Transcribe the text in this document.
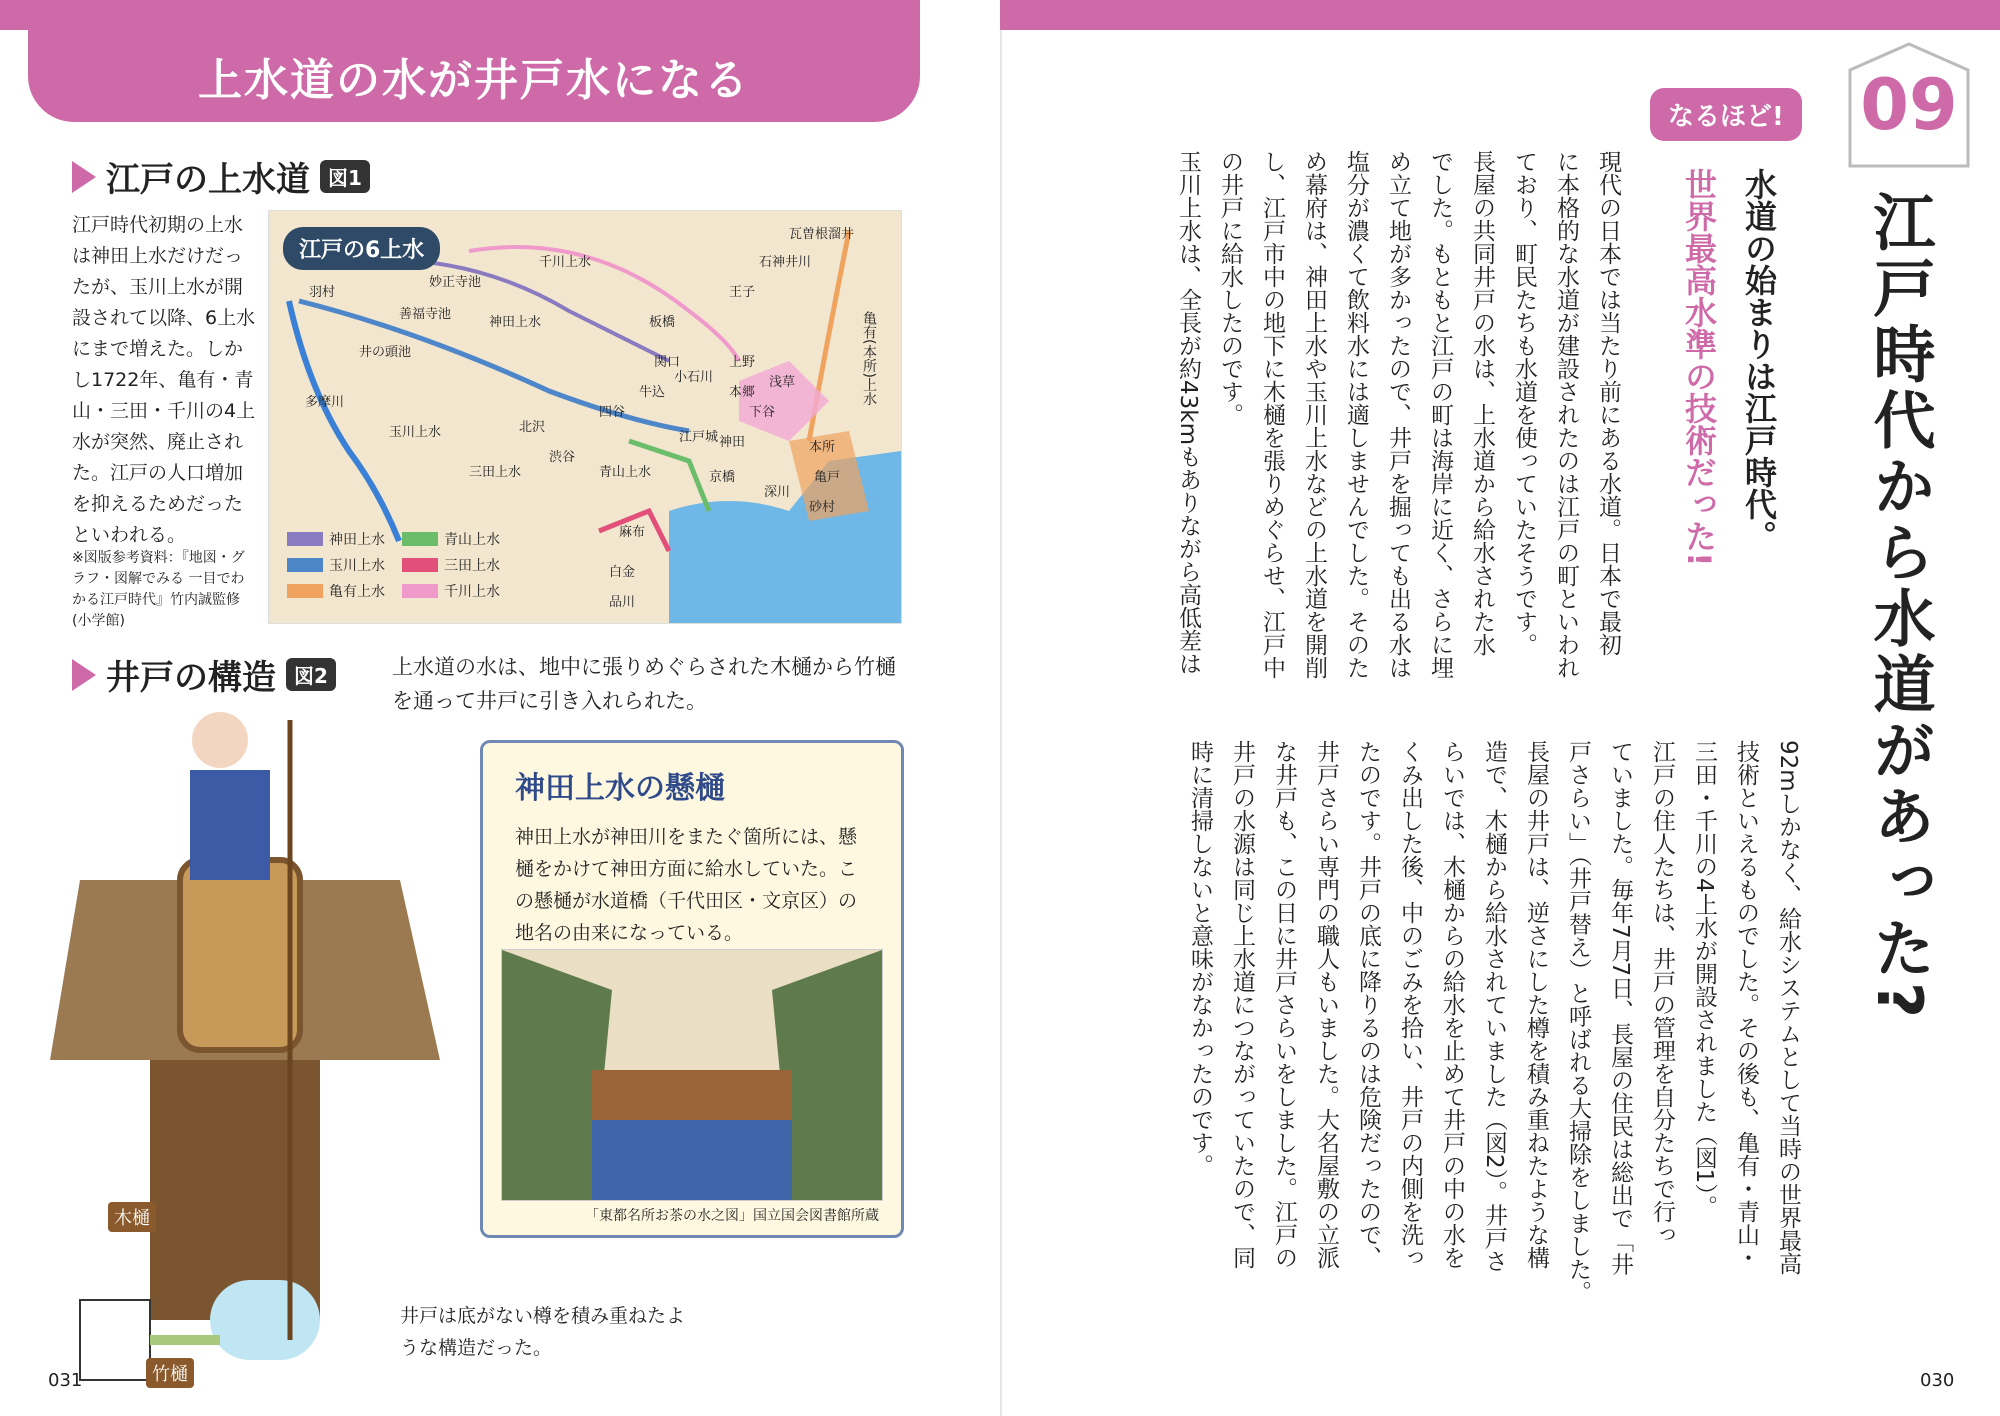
上水道の水が井戸水になる
江戸の上水道 図1
江戸時代初期の上水は神田上水だけだったが、玉川上水が開設されて以降、6上水にまで増えた。しかし1722年、亀有・青山・三田・千川の4上水が突然、廃止された。江戸の人口増加を抑えるためだったといわれる。
※図版参考資料：『地図・グラフ・図解でみる 一目でわかる江戸時代』竹内誠監修(小学館)
江戸の6上水
神田上水	青山上水
玉川上水	三田上水
亀有上水	千川上水
羽村
妙正寺池
善福寺池
井の頭池
多摩川
千川上水
神田上水
玉川上水	北沢
渋谷
三田上水	青山上水
四谷
牛込
関口
小石川
上野
本郷
下谷
浅草
板橋
王子
石神井川
瓦曽根溜井
亀有(本所)上水
本所
亀戸
砂村
深川
京橋
江戸城 神田
麻布
白金
品川
井戸の構造 図2	上水道の水は、地中に張りめぐらされた木樋から竹樋を通って井戸に引き入れられた。
木樋
竹樋
井戸は底がない樽を積み重ねたような構造だった。
神田上水の懸樋
神田上水が神田川をまたぐ箇所には、懸樋をかけて神田方面に給水していた。この懸樋が水道橋（千代田区・文京区）の地名の由来になっている。
「東都名所お茶の水之図」国立国会図書館所蔵
031
09
江戸時代から水道があった?
なるほど!
水道の始まりは江戸時代。
世界最高水準の技術だった!
現代の日本では当たり前にある水道。日本で最初
に本格的な水道が建設されたのは江戸の町といわれ
ており、町民たちも水道を使っていたそうです。
長屋の共同井戸の水は、上水道から給水された水
でした。もともと江戸の町は海岸に近く、さらに埋
め立て地が多かったので、井戸を掘っても出る水は
塩分が濃くて飲料水には適しませんでした。そのた
め幕府は、神田上水や玉川上水などの上水道を開削
し、江戸市中の地下に木樋を張りめぐらせ、江戸中
の井戸に給水したのです。
玉川上水は、全長が約43kmもありながら高低差は
92mしかなく、給水システムとして当時の世界最高
技術といえるものでした。その後も、亀有・青山・
三田・千川の4上水が開設されました（図1）。
江戸の住人たちは、井戸の管理を自分たちで行っ
ていました。毎年7月7日、長屋の住民は総出で「井
戸さらい」（井戸替え）と呼ばれる大掃除をしました。
長屋の井戸は、逆さにした樽を積み重ねたような構
造で、木樋から給水されていました（図2）。井戸さ
らいでは、木樋からの給水を止めて井戸の中の水を
くみ出した後、中のごみを拾い、井戸の内側を洗っ
たのです。井戸の底に降りるのは危険だったので、
井戸さらい専門の職人もいました。大名屋敷の立派
な井戸も、この日に井戸さらいをしました。江戸の
井戸の水源は同じ上水道につながっていたので、同
時に清掃しないと意味がなかったのです。
030
